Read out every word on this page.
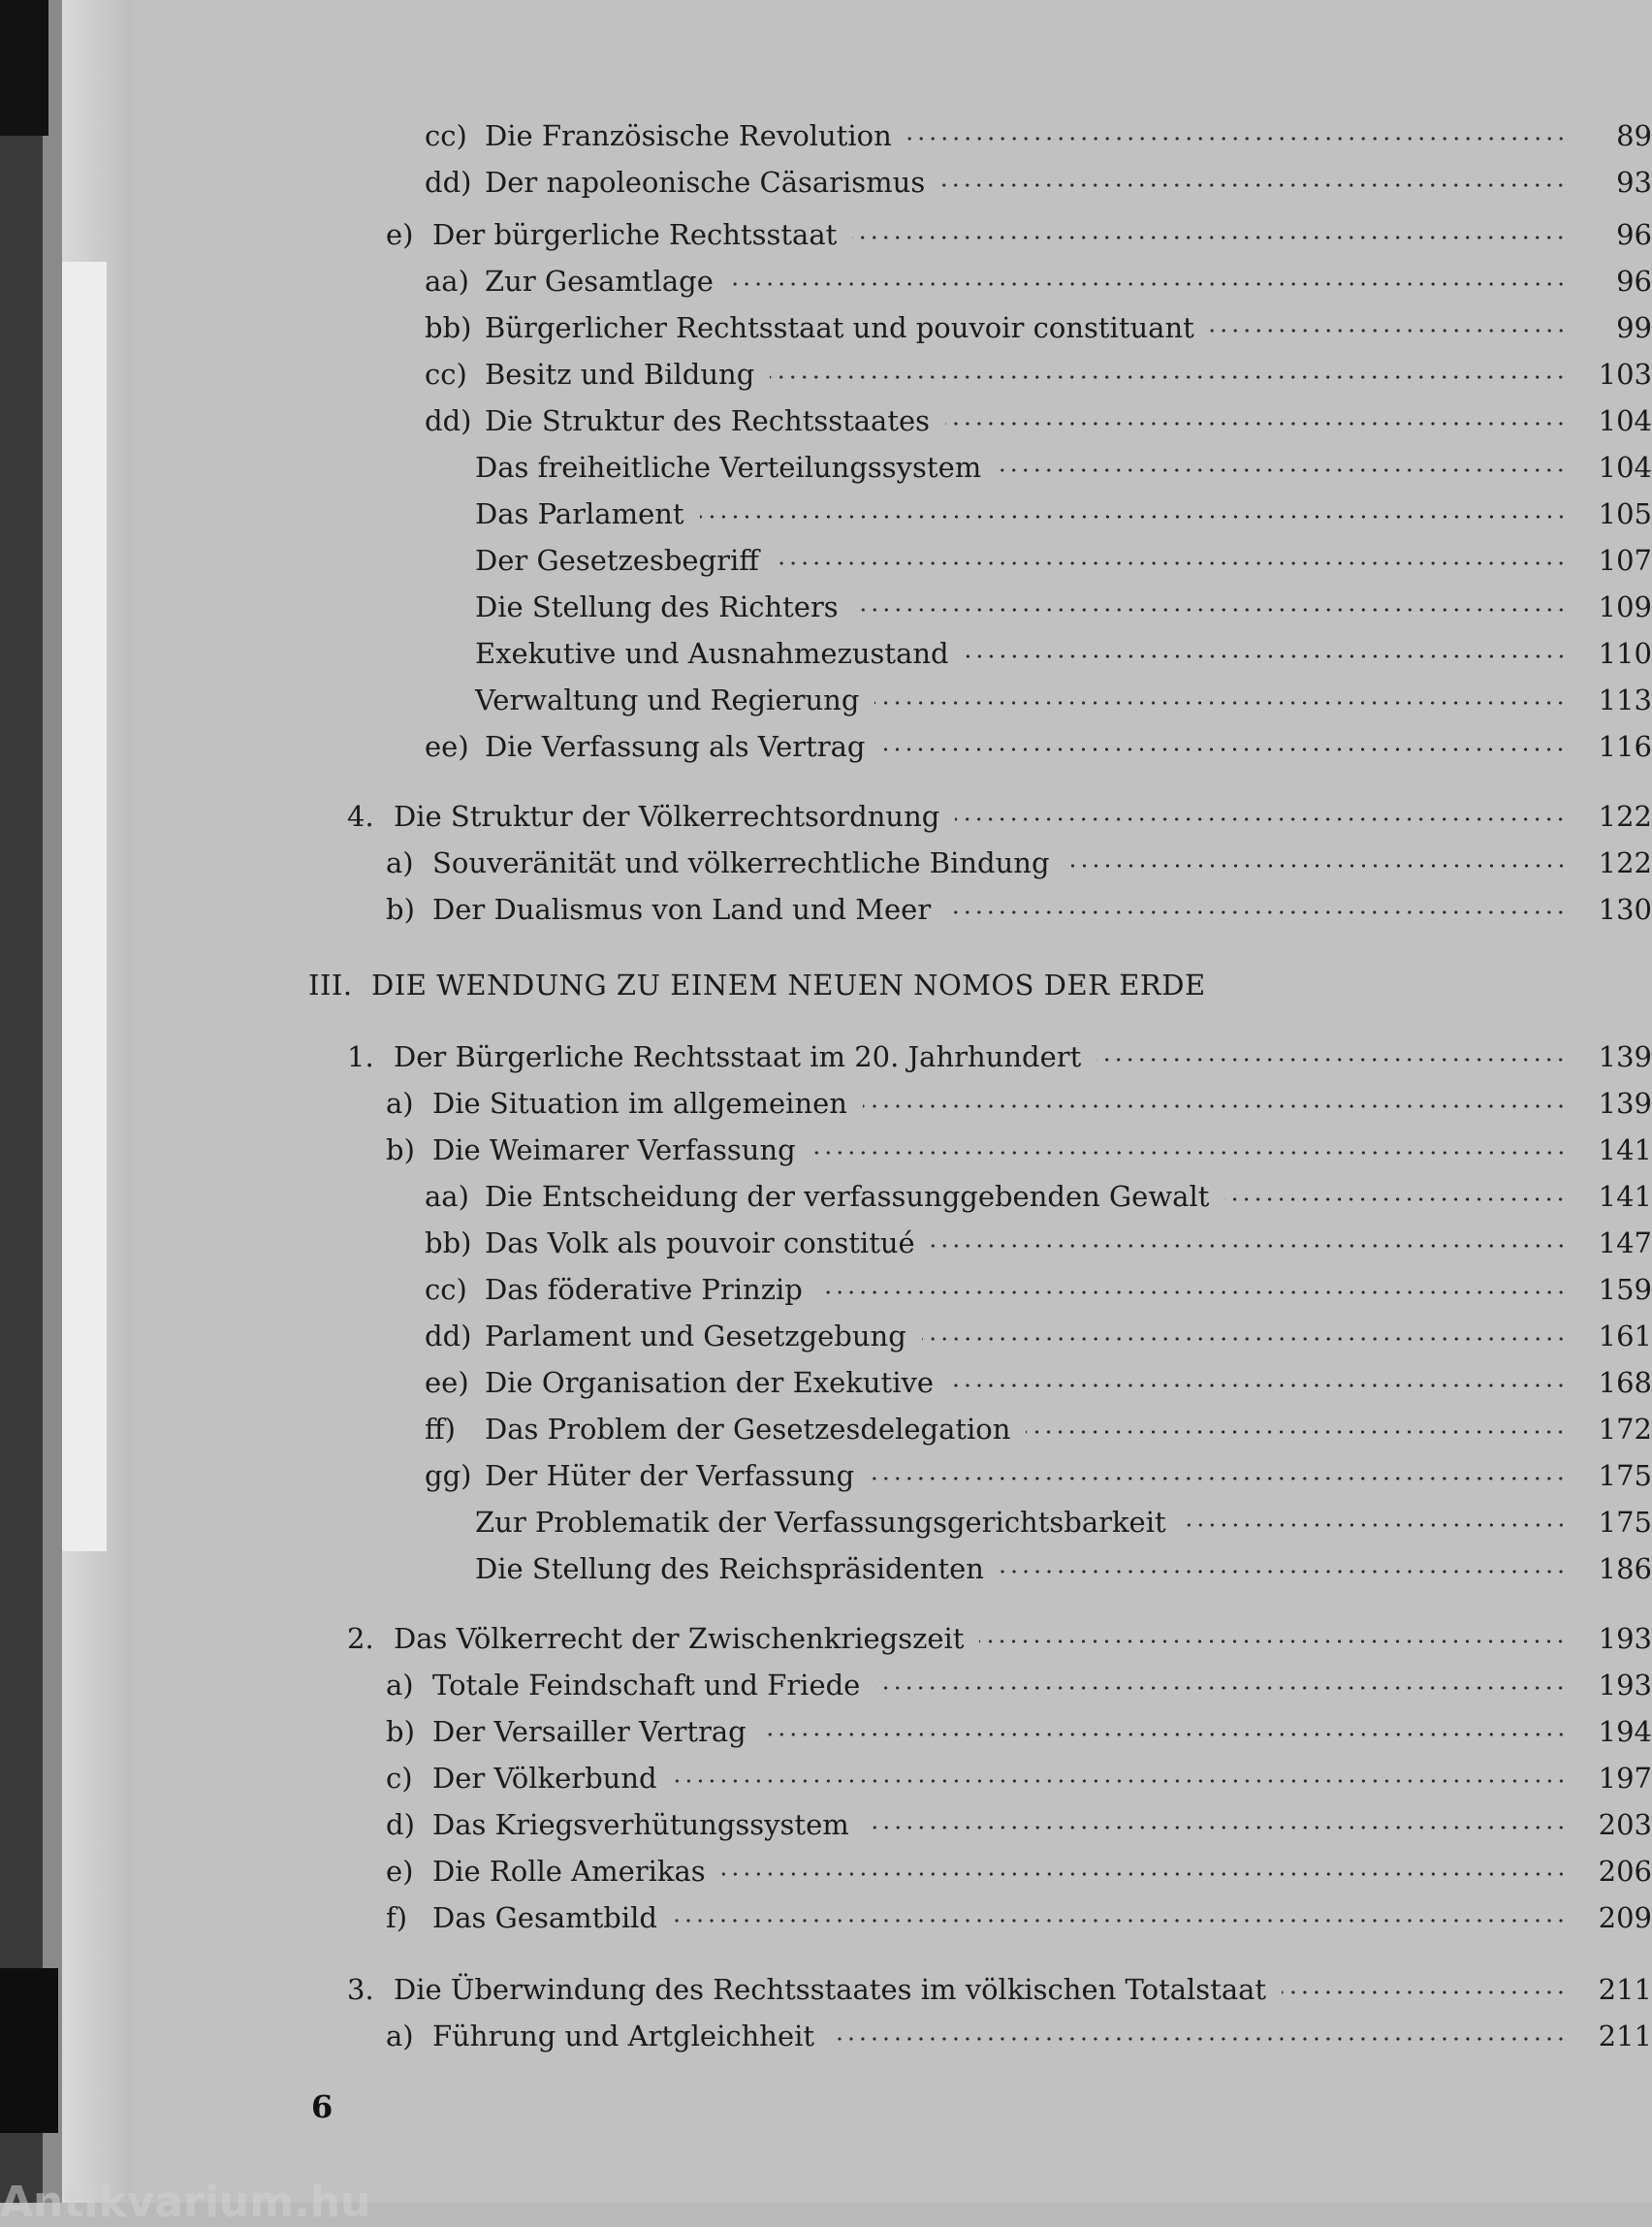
cc) Die Französische Revolution	89
dd) Der napoleonische Cäsarismus	93
e) Der bürgerliche Rechtsstaat	96
aa) Zur Gesamtlage	96
bb) Bürgerlicher Rechtsstaat und pouvoir constituant	99
cc) Besitz und Bildung	103
dd) Die Struktur des Rechtsstaates	104
Das freiheitliche Verteilungssystem	104
Das Parlament	105
Der Gesetzesbegriff	107
Die Stellung des Richters	109
Exekutive und Ausnahmezustand	110
Verwaltung und Regierung	113
ee) Die Verfassung als Vertrag	116
4. Die Struktur der Völkerrechtsordnung	122
a) Souveränität und völkerrechtliche Bindung	122
b) Der Dualismus von Land und Meer	130
1. Der Bürgerliche Rechtsstaat im 20. Jahrhundert	139
a) Die Situation im allgemeinen	139
b) Die Weimarer Verfassung	141
aa) Die Entscheidung der verfassunggebenden Gewalt	141
bb) Das Volk als pouvoir constitué	147
cc) Das föderative Prinzip	159
dd) Parlament und Gesetzgebung	161
ee) Die Organisation der Exekutive	168
ff) Das Problem der Gesetzesdelegation	172
gg) Der Hüter der Verfassung	175
Zur Problematik der Verfassungsgerichtsbarkeit	175
Die Stellung des Reichspräsidenten	186
2. Das Völkerrecht der Zwischenkriegszeit	193
a) Totale Feindschaft und Friede	193
b) Der Versailler Vertrag	194
c) Der Völkerbund	197
d) Das Kriegsverhütungssystem	203
e) Die Rolle Amerikas	206
f) Das Gesamtbild	209
3. Die Überwindung des Rechtsstaates im völkischen Totalstaat	211
a) Führung und Artgleichheit	211
III. DIE WENDUNG ZU EINEM NEUEN NOMOS DER ERDE
6
Antikvarium.hu
